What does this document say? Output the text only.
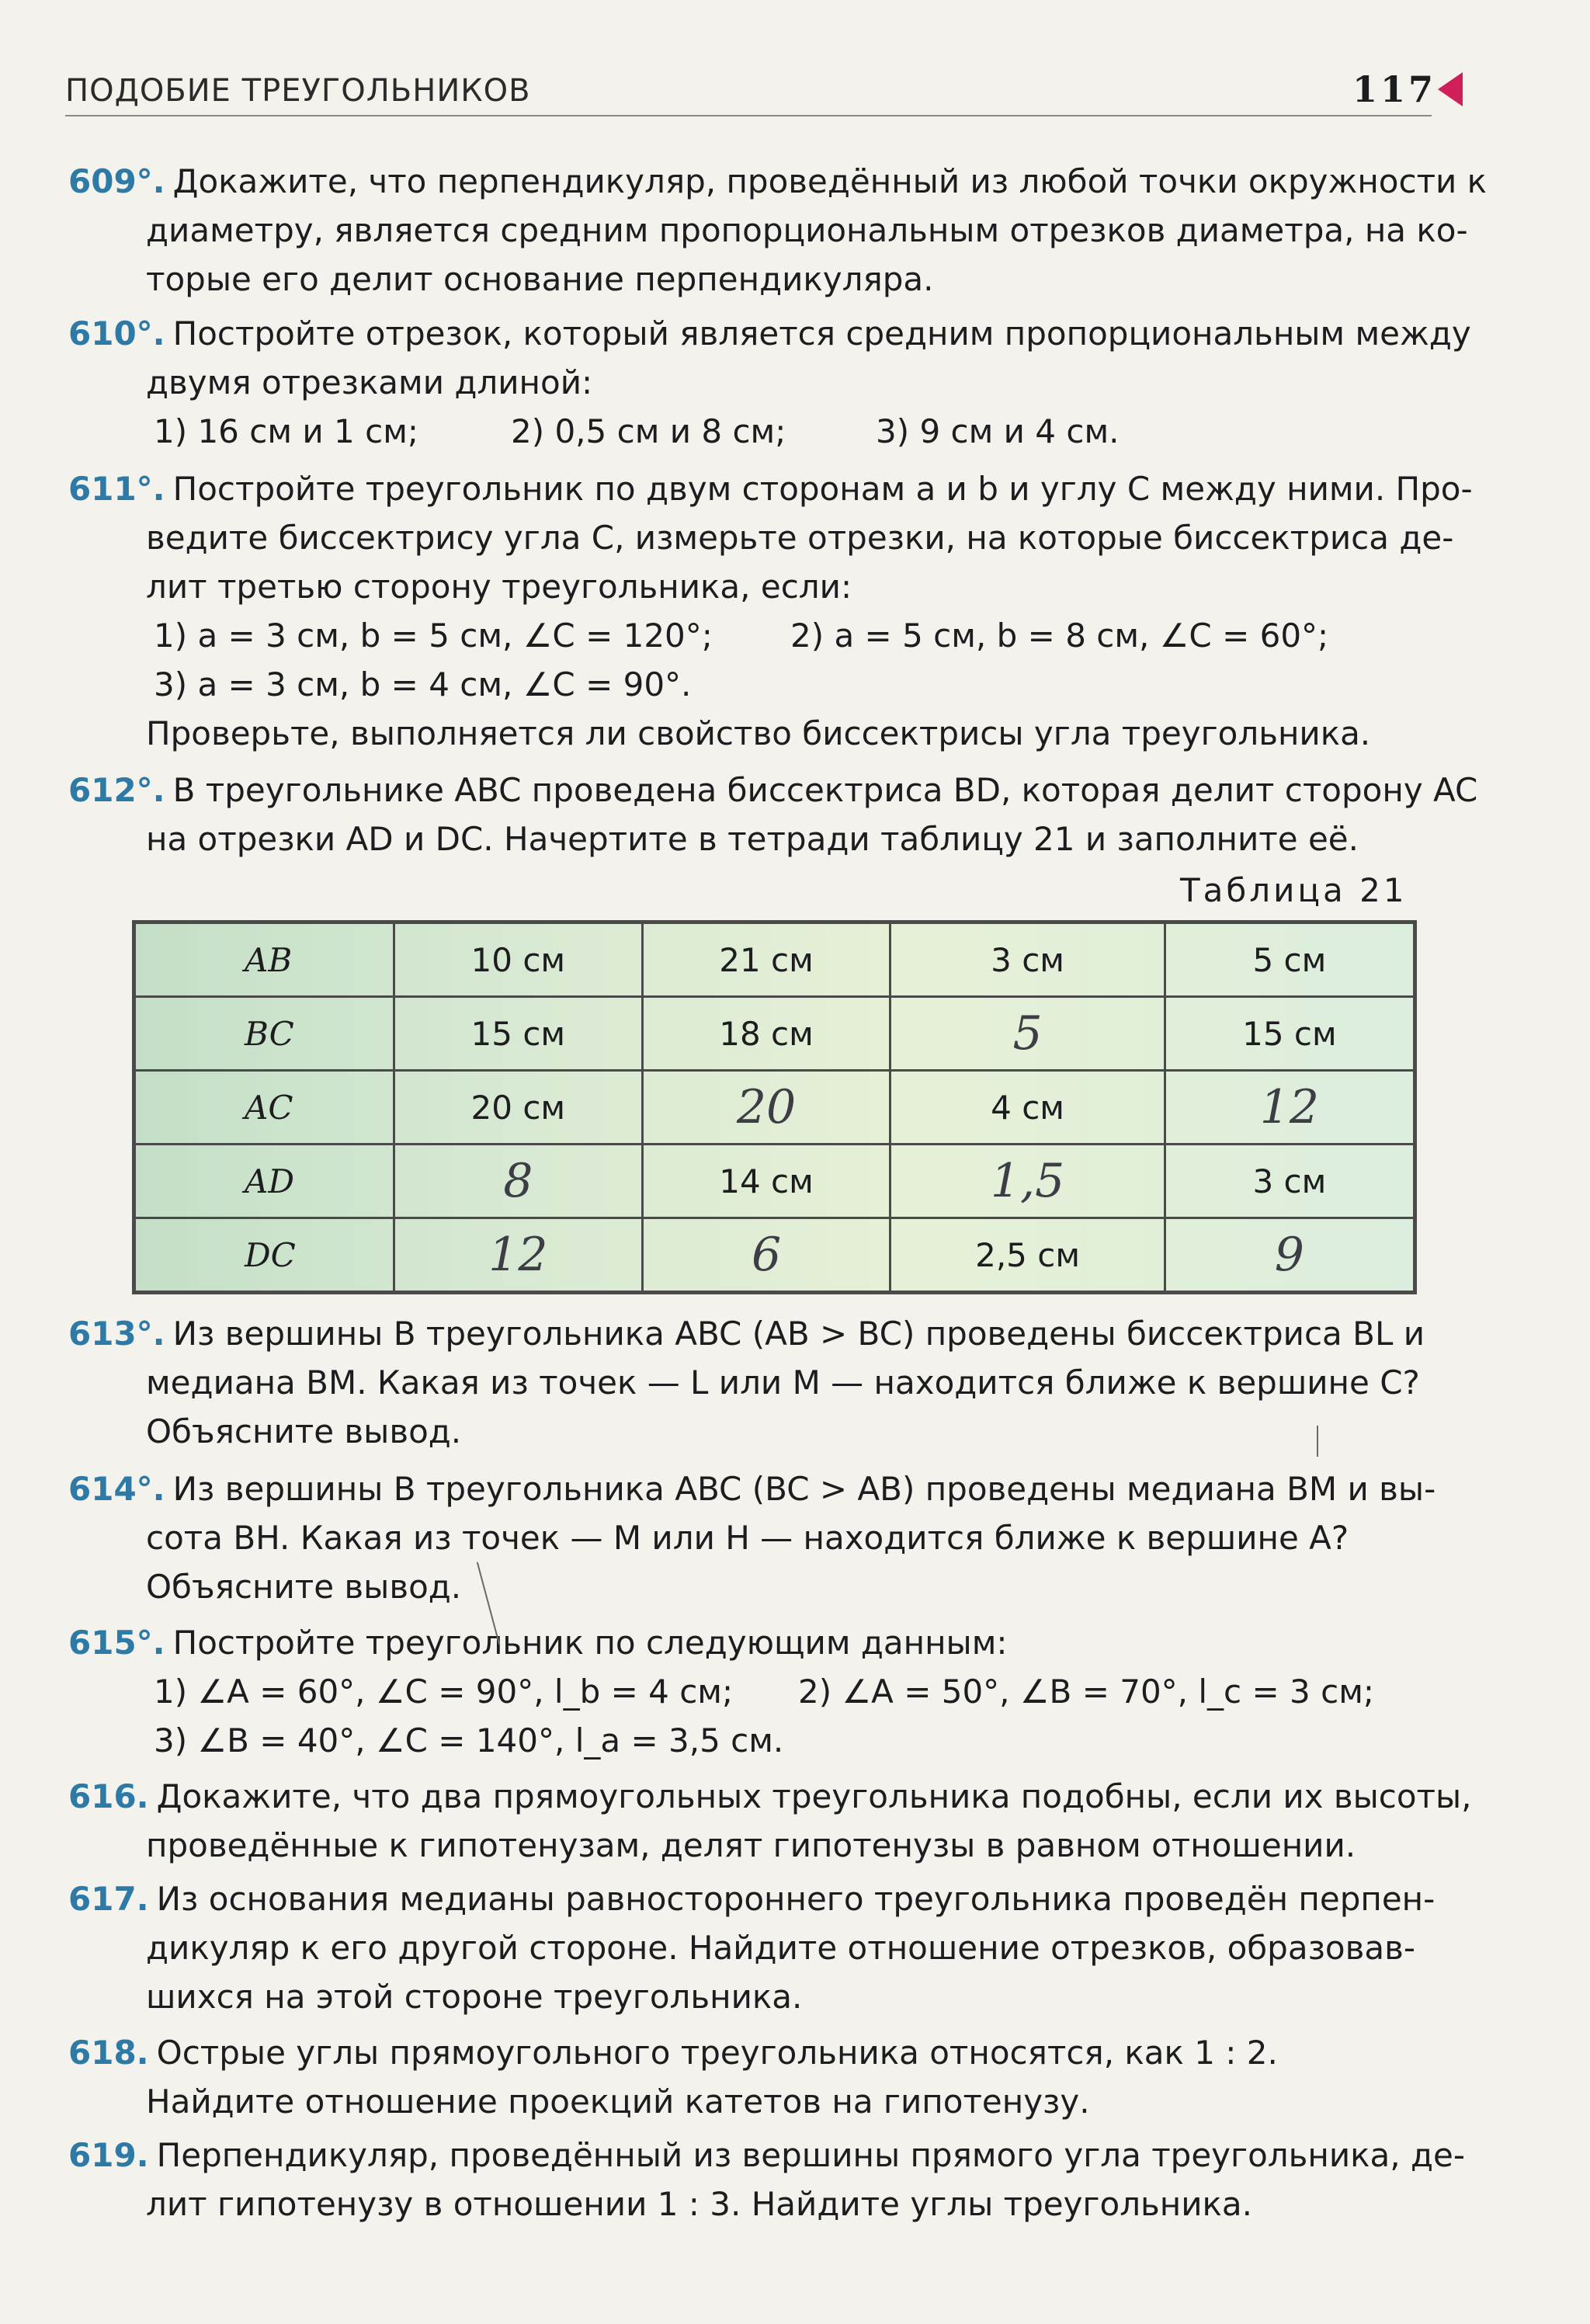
ПОДОБИЕ ТРЕУГОЛЬНИКОВ	117
609°. Докажите, что перпендикуляр, проведённый из любой точки окружности к
диаметру, является средним пропорциональным отрезков диаметра, на ко-
торые его делит основание перпендикуляра.
610°. Постройте отрезок, который является средним пропорциональным между
двумя отрезками длиной:
1) 16 см и 1 см;	2) 0,5 см и 8 см;	3) 9 см и 4 см.
611°. Постройте треугольник по двум сторонам a и b и углу C между ними. Про-
ведите биссектрису угла C, измерьте отрезки, на которые биссектриса де-
лит третью сторону треугольника, если:
1) a = 3 см, b = 5 см, ∠C = 120°; 2) a = 5 см, b = 8 см, ∠C = 60°;
3) a = 3 см, b = 4 см, ∠C = 90°.
Проверьте, выполняется ли свойство биссектрисы угла треугольника.
612°. В треугольнике ABC проведена биссектриса BD, которая делит сторону AC
на отрезки AD и DC. Начертите в тетради таблицу 21 и заполните её.
Таблица 21
AB	10 см	21 см	3 см	5 см
BC	15 см	18 см	5	15 см
AC	20 см	20	4 см	12
AD	8	14 см	1,5	3 см
DC	12	6	2,5 см	9
613°. Из вершины B треугольника ABC (AB > BC) проведены биссектриса BL и
медиана BM. Какая из точек — L или M — находится ближе к вершине C?
Объясните вывод.
614°. Из вершины B треугольника ABC (BC > AB) проведены медиана BM и вы-
сота BH. Какая из точек — M или H — находится ближе к вершине A?
Объясните вывод.
615°. Постройте треугольник по следующим данным:
1) ∠A = 60°, ∠C = 90°, l_b = 4 см; 2) ∠A = 50°, ∠B = 70°, l_c = 3 см;
3) ∠B = 40°, ∠C = 140°, l_a = 3,5 см.
616. Докажите, что два прямоугольных треугольника подобны, если их высоты,
проведённые к гипотенузам, делят гипотенузы в равном отношении.
617. Из основания медианы равностороннего треугольника проведён перпен-
дикуляр к его другой стороне. Найдите отношение отрезков, образовав-
шихся на этой стороне треугольника.
618. Острые углы прямоугольного треугольника относятся, как 1 : 2.
Найдите отношение проекций катетов на гипотенузу.
619. Перпендикуляр, проведённый из вершины прямого угла треугольника, де-
лит гипотенузу в отношении 1 : 3. Найдите углы треугольника.
